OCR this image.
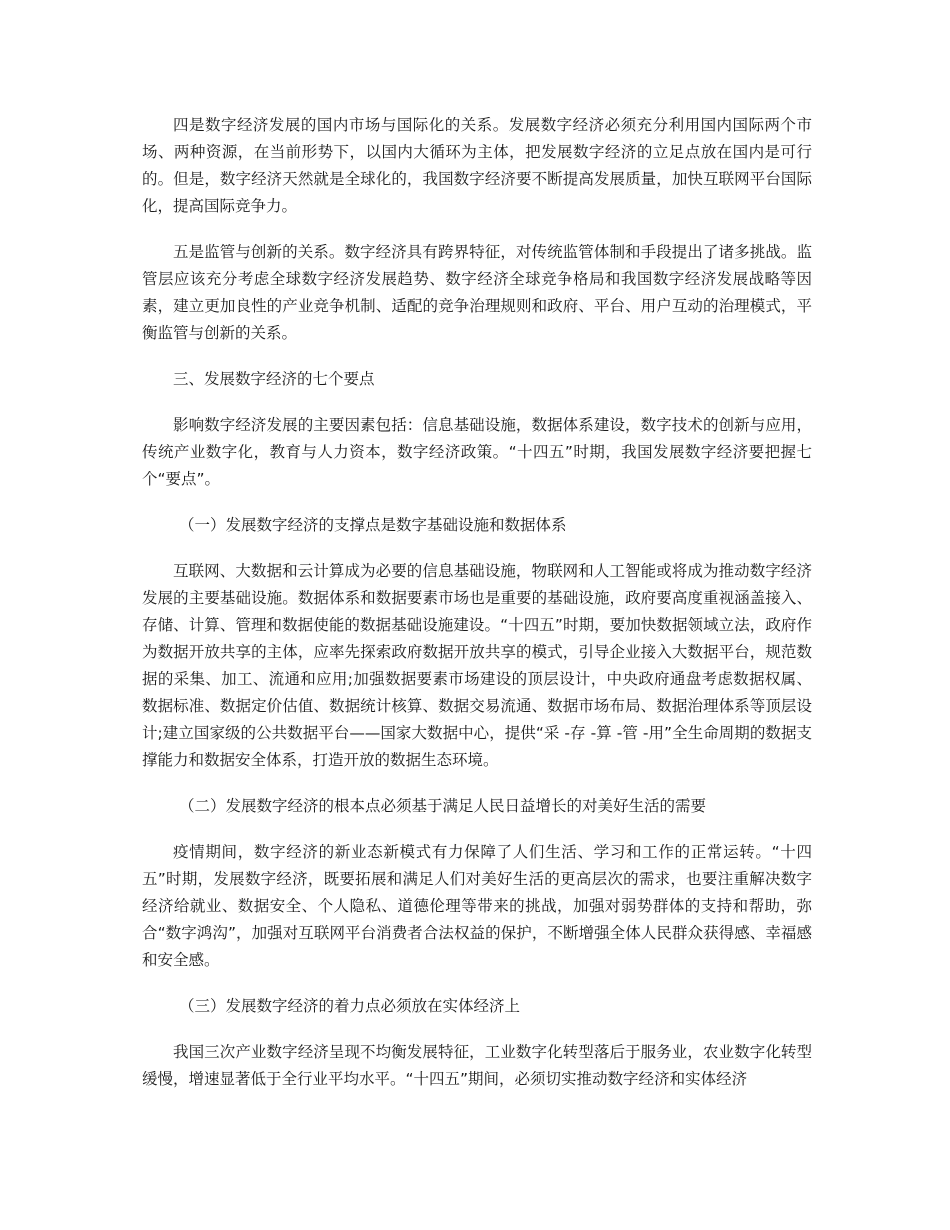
四是数字经济发展的国内市场与国际化的关系。发展数字经济必须充分利用国内国际两个市场、两种资源，在当前形势下，以国内大循环为主体，把发展数字经济的立足点放在国内是可行的。但是，数字经济天然就是全球化的，我国数字经济要不断提高发展质量，加快互联网平台国际化，提高国际竞争力。

五是监管与创新的关系。数字经济具有跨界特征，对传统监管体制和手段提出了诸多挑战。监管层应该充分考虑全球数字经济发展趋势、数字经济全球竞争格局和我国数字经济发展战略等因素，建立更加良性的产业竞争机制、适配的竞争治理规则和政府、平台、用户互动的治理模式，平衡监管与创新的关系。

三、发展数字经济的七个要点

影响数字经济发展的主要因素包括：信息基础设施，数据体系建设，数字技术的创新与应用，传统产业数字化，教育与人力资本，数字经济政策。“十四五”时期，我国发展数字经济要把握七个“要点”。

（一）发展数字经济的支撑点是数字基础设施和数据体系

互联网、大数据和云计算成为必要的信息基础设施，物联网和人工智能或将成为推动数字经济发展的主要基础设施。数据体系和数据要素市场也是重要的基础设施，政府要高度重视涵盖接入、存储、计算、管理和数据使能的数据基础设施建设。“十四五”时期，要加快数据领域立法，政府作为数据开放共享的主体，应率先探索政府数据开放共享的模式，引导企业接入大数据平台，规范数据的采集、加工、流通和应用;加强数据要素市场建设的顶层设计，中央政府通盘考虑数据权属、数据标准、数据定价估值、数据统计核算、数据交易流通、数据市场布局、数据治理体系等顶层设计;建立国家级的公共数据平台——国家大数据中心，提供“采 -存 -算 -管 -用”全生命周期的数据支撑能力和数据安全体系，打造开放的数据生态环境。

（二）发展数字经济的根本点必须基于满足人民日益增长的对美好生活的需要

疫情期间，数字经济的新业态新模式有力保障了人们生活、学习和工作的正常运转。“十四五”时期，发展数字经济，既要拓展和满足人们对美好生活的更高层次的需求，也要注重解决数字经济给就业、数据安全、个人隐私、道德伦理等带来的挑战，加强对弱势群体的支持和帮助，弥合“数字鸿沟”，加强对互联网平台消费者合法权益的保护，不断增强全体人民群众获得感、幸福感和安全感。

（三）发展数字经济的着力点必须放在实体经济上

我国三次产业数字经济呈现不均衡发展特征，工业数字化转型落后于服务业，农业数字化转型缓慢，增速显著低于全行业平均水平。“十四五”期间，必须切实推动数字经济和实体经济
